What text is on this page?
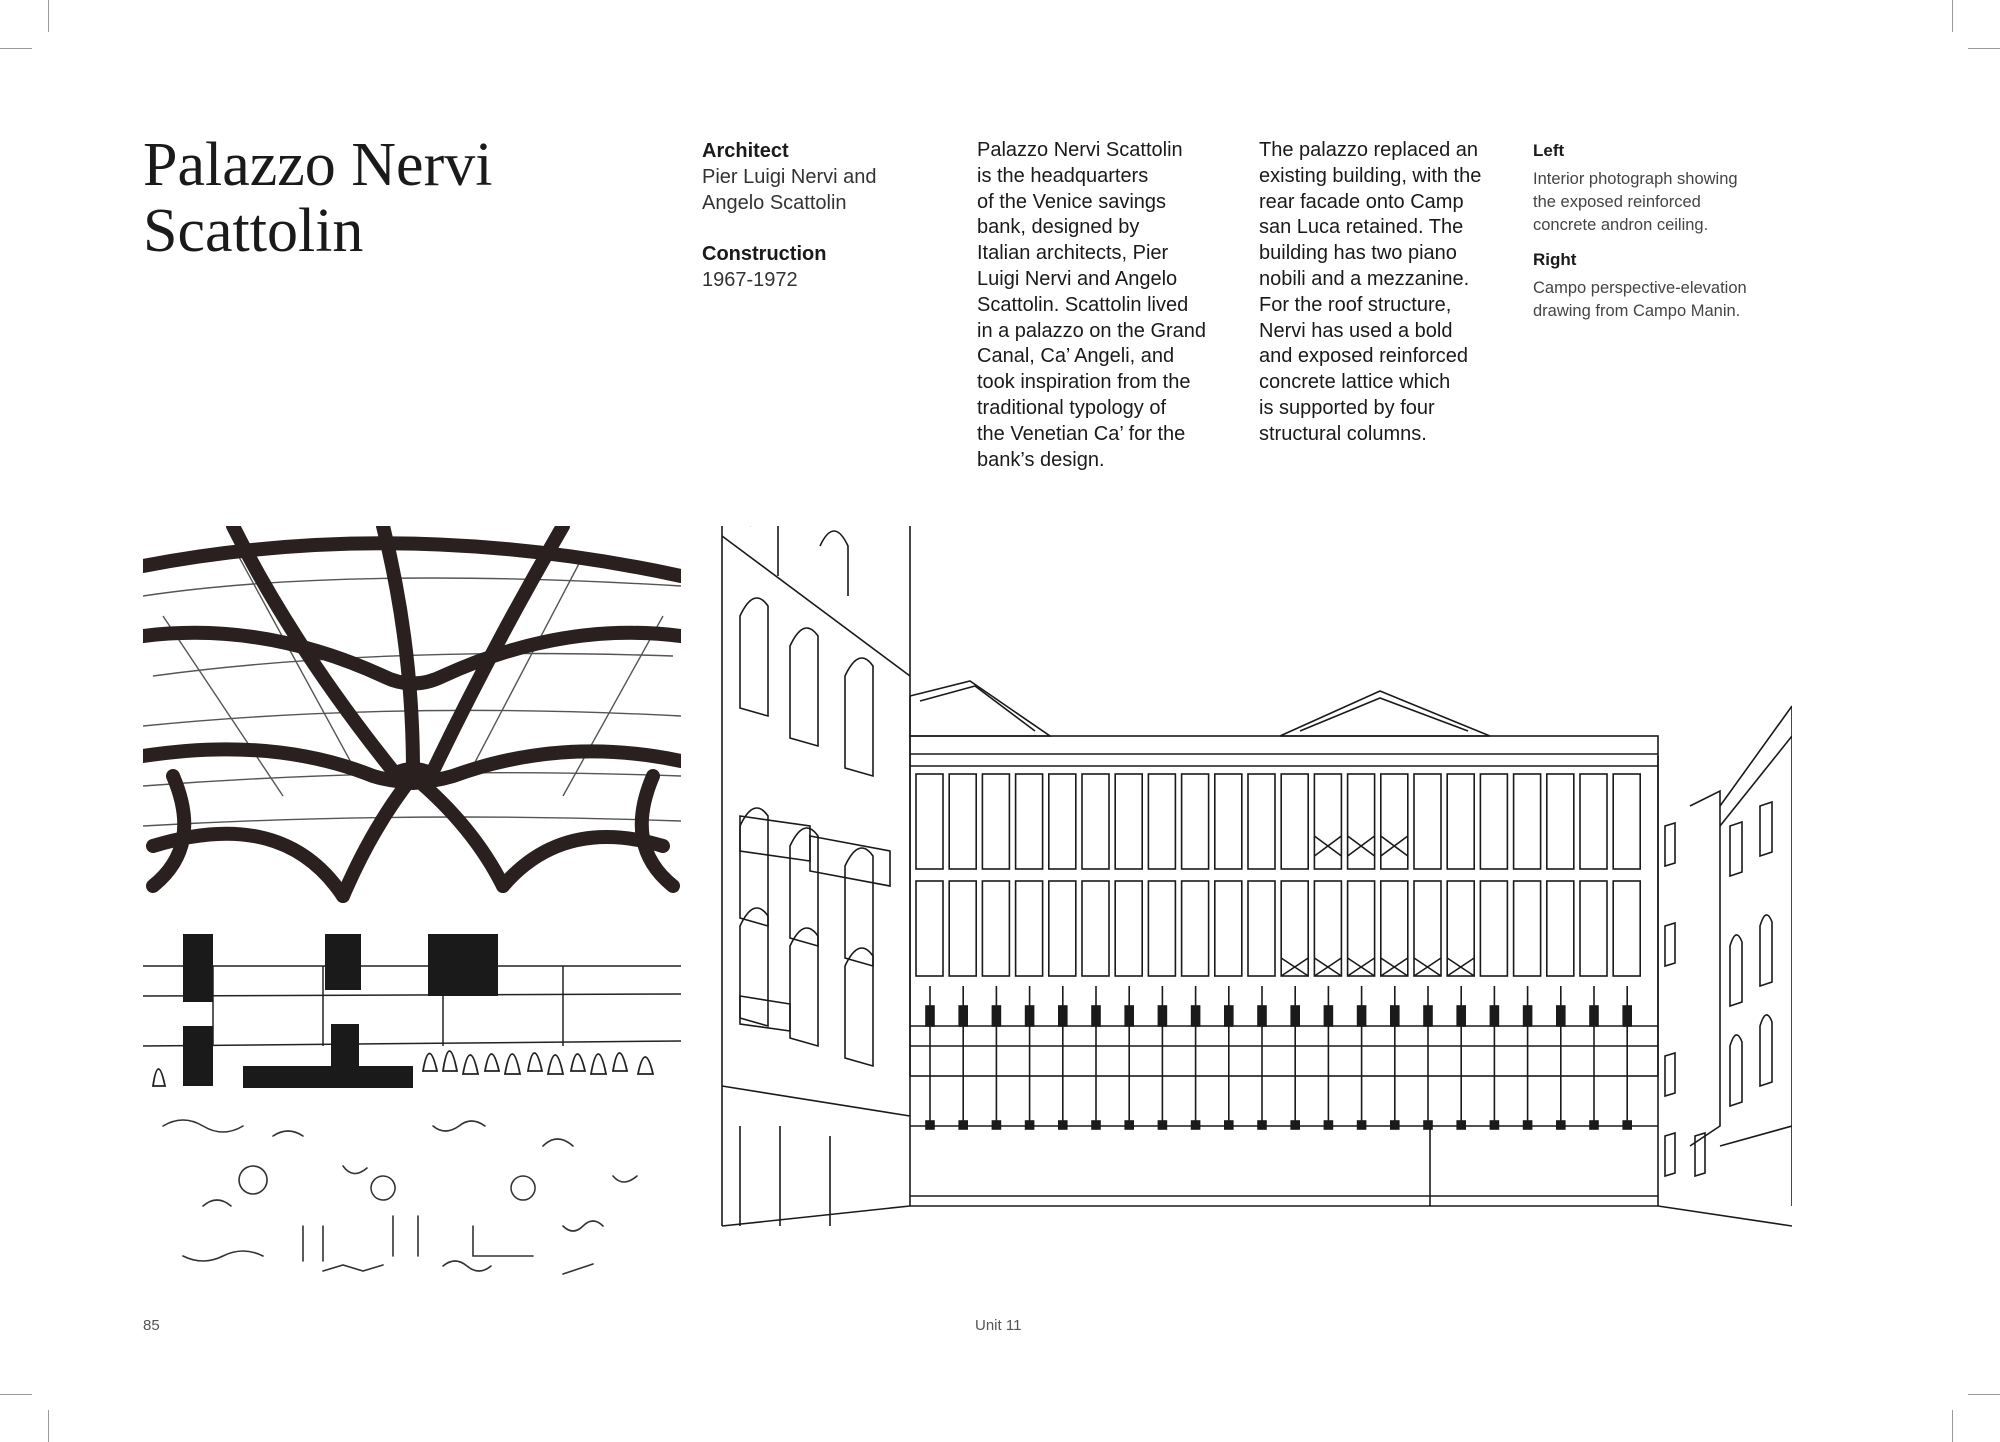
Palazzo Nervi Scattolin
Architect
Pier Luigi Nervi and Angelo Scattolin
Construction
1967-1972
Palazzo Nervi Scattolin
is the headquarters
of the Venice savings
bank, designed by
Italian architects, Pier
Luigi Nervi and Angelo
Scattolin. Scattolin lived
in a palazzo on the Grand
Canal, Ca’ Angeli, and
took inspiration from the
traditional typology of
the Venetian Ca’ for the
bank’s design.
The palazzo replaced an
existing building, with the
rear facade onto Camp
san Luca retained. The
building has two piano
nobili and a mezzanine.
For the roof structure,
Nervi has used a bold
and exposed reinforced
concrete lattice which
is supported by four
structural columns.
Left
Interior photograph showing
the exposed reinforced
concrete andron ceiling.
Right
Campo perspective-elevation
drawing from Campo Manin.
85	Unit 11
